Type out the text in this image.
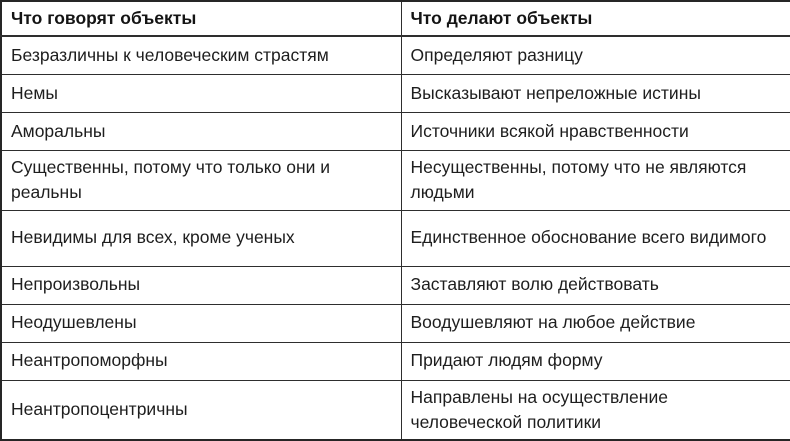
Что говорят объекты	Что делают объекты
Безразличны к человеческим страстям	Определяют разницу
Немы	Высказывают непреложные истины
Аморальны	Источники всякой нравственности
Существенны, потому что только они и реальны	Несущественны, потому что не являются людьми
Невидимы для всех, кроме ученых	Единственное обоснование всего видимого
Непроизвольны	Заставляют волю действовать
Неодушевлены	Воодушевляют на любое действие
Неантропоморфны	Придают людям форму
Неантропоцентричны	Направлены на осуществление человеческой политики
